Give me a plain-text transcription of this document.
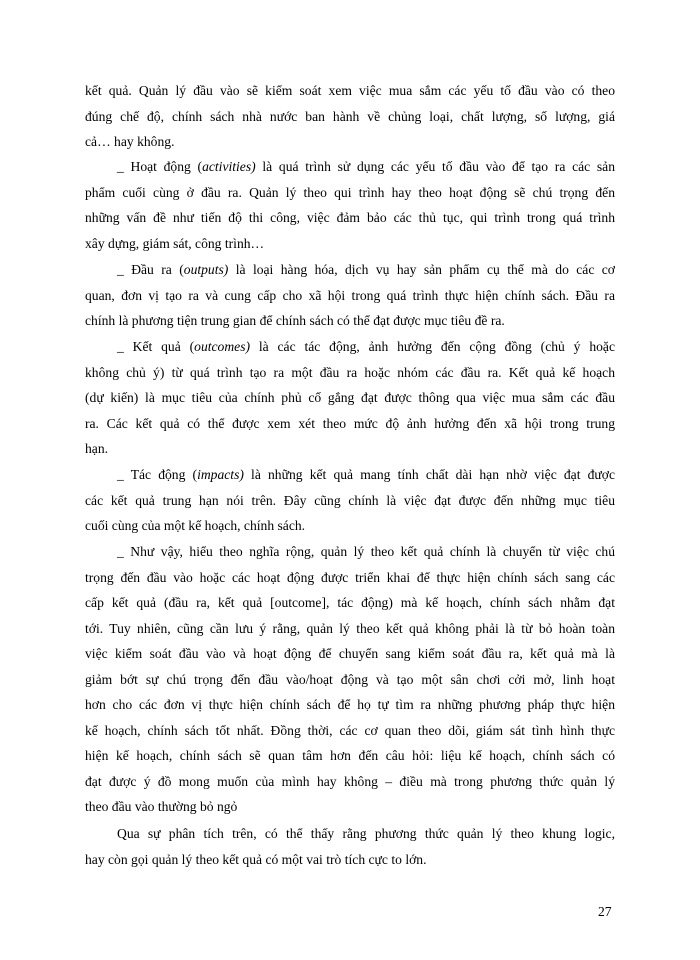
kết quả. Quản lý đầu vào sẽ kiểm soát xem việc mua sắm các yếu tố đầu vào có theo
đúng chế độ, chính sách nhà nước ban hành về chủng loại, chất lượng, số lượng, giá
cả… hay không.

_ Hoạt động (activities) là quá trình sử dụng các yếu tố đầu vào để tạo ra các sản
phẩm cuối cùng ở đầu ra. Quản lý theo qui trình hay theo hoạt động sẽ chú trọng đến
những vấn đề như tiến độ thi công, việc đảm bảo các thủ tục, qui trình trong quá trình
xây dựng, giám sát, công trình…

_ Đầu ra (outputs) là loại hàng hóa, dịch vụ hay sản phẩm cụ thể mà do các cơ
quan, đơn vị tạo ra và cung cấp cho xã hội trong quá trình thực hiện chính sách. Đầu ra
chính là phương tiện trung gian để chính sách có thể đạt được mục tiêu đề ra.

_ Kết quả (outcomes) là các tác động, ảnh hưởng đến cộng đồng (chủ ý hoặc
không chủ ý) từ quá trình tạo ra một đầu ra hoặc nhóm các đầu ra. Kết quả kế hoạch
(dự kiến) là mục tiêu của chính phủ cố gắng đạt được thông qua việc mua sắm các đầu
ra. Các kết quả có thể được xem xét theo mức độ ảnh hưởng đến xã hội trong trung
hạn.

_ Tác động (impacts) là những kết quả mang tính chất dài hạn nhờ việc đạt được
các kết quả trung hạn nói trên. Đây cũng chính là việc đạt được đến những mục tiêu
cuối cùng của một kế hoạch, chính sách.

_ Như vậy, hiểu theo nghĩa rộng, quản lý theo kết quả chính là chuyển từ việc chú
trọng đến đầu vào hoặc các hoạt động được triển khai để thực hiện chính sách sang các
cấp kết quả (đầu ra, kết quả [outcome], tác động) mà kế hoạch, chính sách nhằm đạt
tới. Tuy nhiên, cũng cần lưu ý rằng, quản lý theo kết quả không phải là từ bỏ hoàn toàn
việc kiểm soát đầu vào và hoạt động để chuyển sang kiểm soát đầu ra, kết quả mà là
giảm bớt sự chú trọng đến đầu vào/hoạt động và tạo một sân chơi cởi mở, linh hoạt
hơn cho các đơn vị thực hiện chính sách để họ tự tìm ra những phương pháp thực hiện
kế hoạch, chính sách tốt nhất. Đồng thời, các cơ quan theo dõi, giám sát tình hình thực
hiện kế hoạch, chính sách sẽ quan tâm hơn đến câu hỏi: liệu kế hoạch, chính sách có
đạt được ý đồ mong muốn của mình hay không – điều mà trong phương thức quản lý
theo đầu vào thường bỏ ngỏ

Qua sự phân tích trên, có thể thấy rằng phương thức quản lý theo khung logic,
hay còn gọi quản lý theo kết quả có một vai trò tích cực to lớn.

27
